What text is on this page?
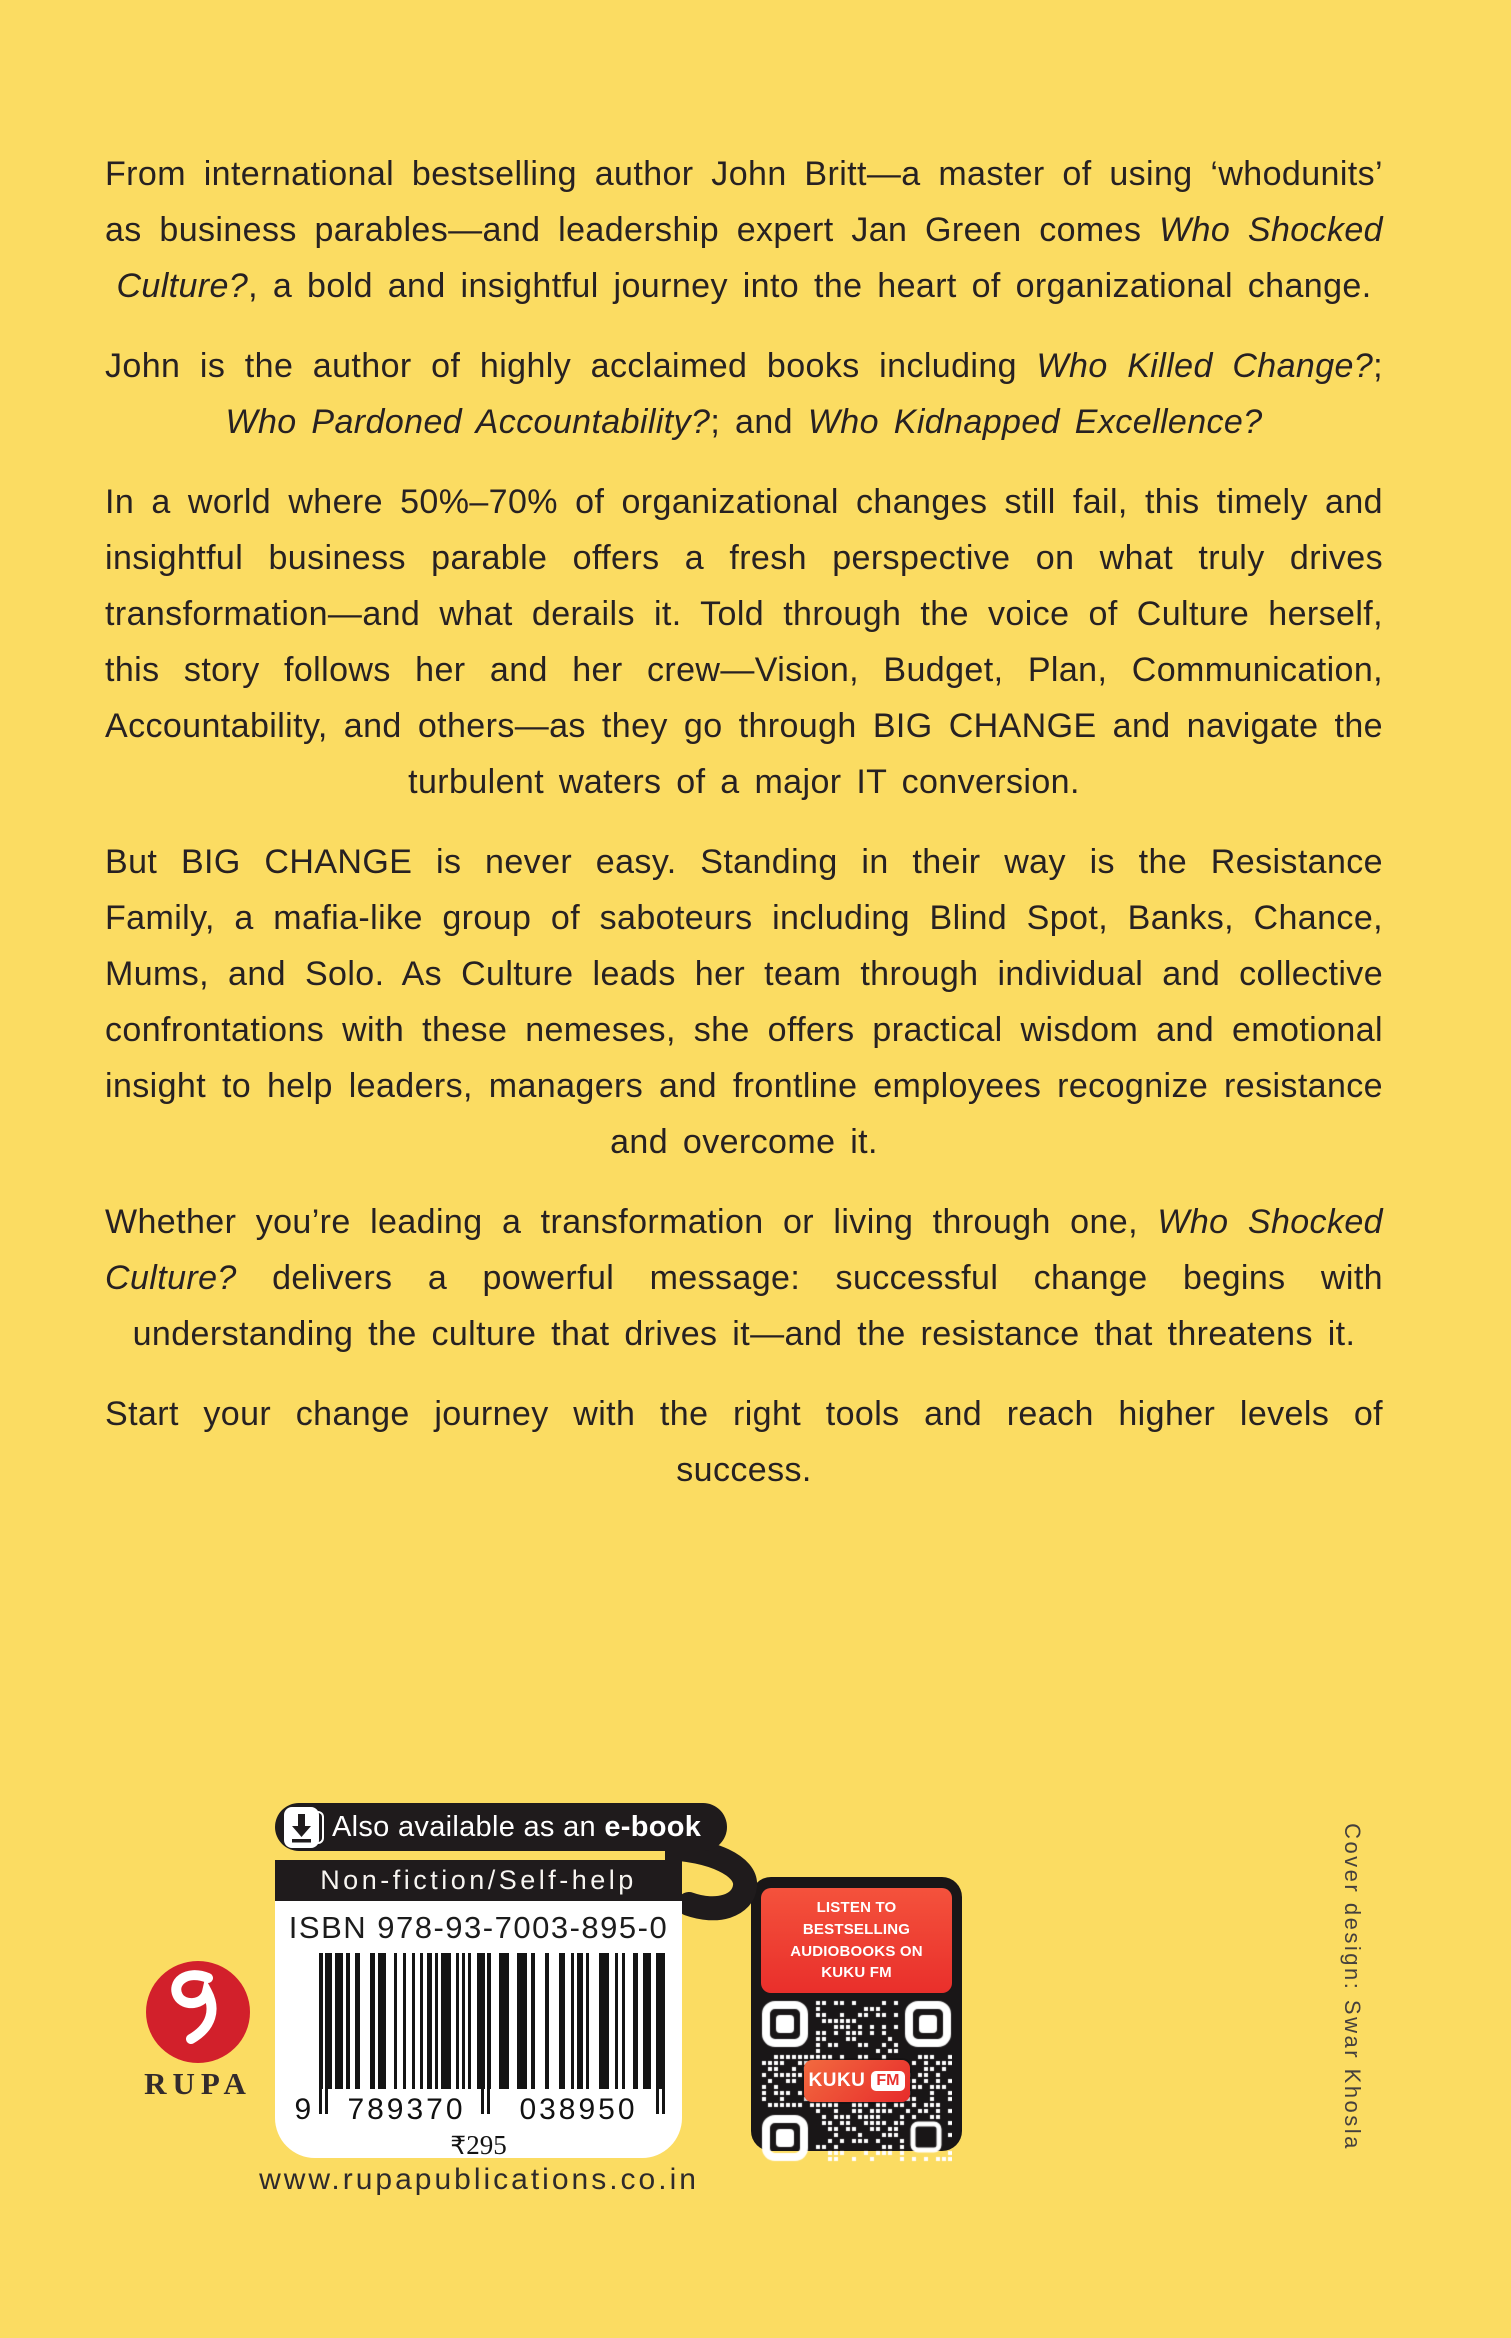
From international bestselling author John Britt—a master of using ‘whodunits’ as business parables—and leadership expert Jan Green comes Who Shocked Culture?, a bold and insightful journey into the heart of organizational change.

John is the author of highly acclaimed books including Who Killed Change?; Who Pardoned Accountability?; and Who Kidnapped Excellence?

In a world where 50%–70% of organizational changes still fail, this timely and insightful business parable offers a fresh perspective on what truly drives transformation—and what derails it. Told through the voice of Culture herself, this story follows her and her crew—Vision, Budget, Plan, Communication, Accountability, and others—as they go through BIG CHANGE and navigate the turbulent waters of a major IT conversion.

But BIG CHANGE is never easy. Standing in their way is the Resistance Family, a mafia-like group of saboteurs including Blind Spot, Banks, Chance, Mums, and Solo. As Culture leads her team through individual and collective confrontations with these nemeses, she offers practical wisdom and emotional insight to help leaders, managers and frontline employees recognize resistance and overcome it.

Whether you’re leading a transformation or living through one, Who Shocked Culture? delivers a powerful message: successful change begins with understanding the culture that drives it—and the resistance that threatens it.

Start your change journey with the right tools and reach higher levels of success.

Also available as an e-book
Non-fiction/Self-help
ISBN 978-93-7003-895-0
9	789370	038950
₹295
RUPA
www.rupapublications.co.in
LISTEN TO BESTSELLING
AUDIOBOOKS ON
KUKU FM
KUKU FM	Cover design: Swar Khosla
